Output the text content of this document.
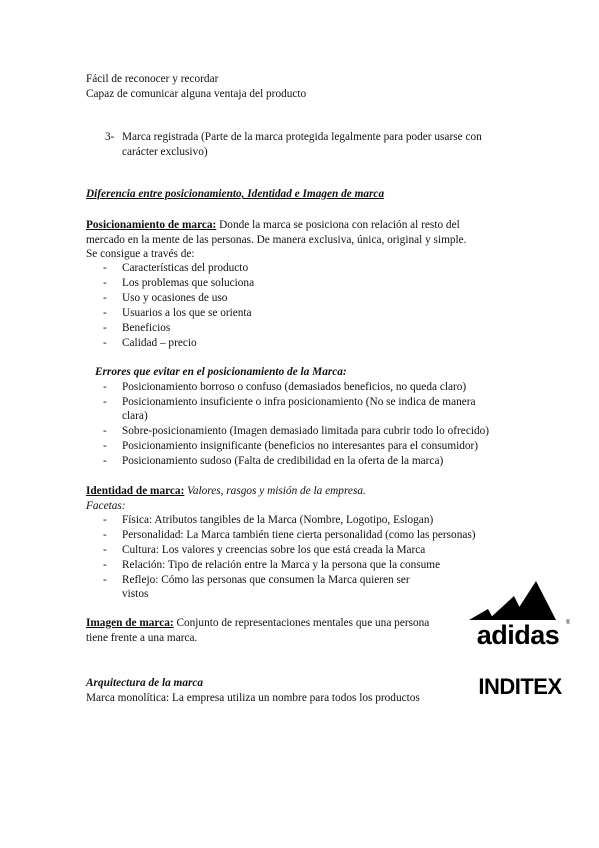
Fácil de reconocer y recordar
Capaz de comunicar alguna ventaja del producto
3- Marca registrada (Parte de la marca protegida legalmente para poder usarse con
carácter exclusivo)
Diferencia entre posicionamiento, Identidad e Imagen de marca
Posicionamiento de marca: Donde la marca se posiciona con relación al resto del
mercado en la mente de las personas. De manera exclusiva, única, original y simple.
Se consigue a través de:
- Características del producto
- Los problemas que soluciona
- Uso y ocasiones de uso
- Usuarios a los que se orienta
- Beneficios
- Calidad – precio
Errores que evitar en el posicionamiento de la Marca:
- Posicionamiento borroso o confuso (demasiados beneficios, no queda claro)
- Posicionamiento insuficiente o infra posicionamiento (No se indica de manera
clara)
- Sobre-posicionamiento (Imagen demasiado limitada para cubrir todo lo ofrecido)
- Posicionamiento insignificante (beneficios no interesantes para el consumidor)
- Posicionamiento sudoso (Falta de credibilidad en la oferta de la marca)
Identidad de marca: Valores, rasgos y misión de la empresa.
Facetas:
- Física: Atributos tangibles de la Marca (Nombre, Logotipo, Eslogan)
- Personalidad: La Marca también tiene cierta personalidad (como las personas)
- Cultura: Los valores y creencias sobre los que está creada la Marca
- Relación: Tipo de relación entre la Marca y la persona que la consume
- Reflejo: Cómo las personas que consumen la Marca quieren ser
vistos
Imagen de marca: Conjunto de representaciones mentales que una persona
tiene frente a una marca.
Arquitectura de la marca
Marca monolítica: La empresa utiliza un nombre para todos los productos
adidas ®
INDITEX
